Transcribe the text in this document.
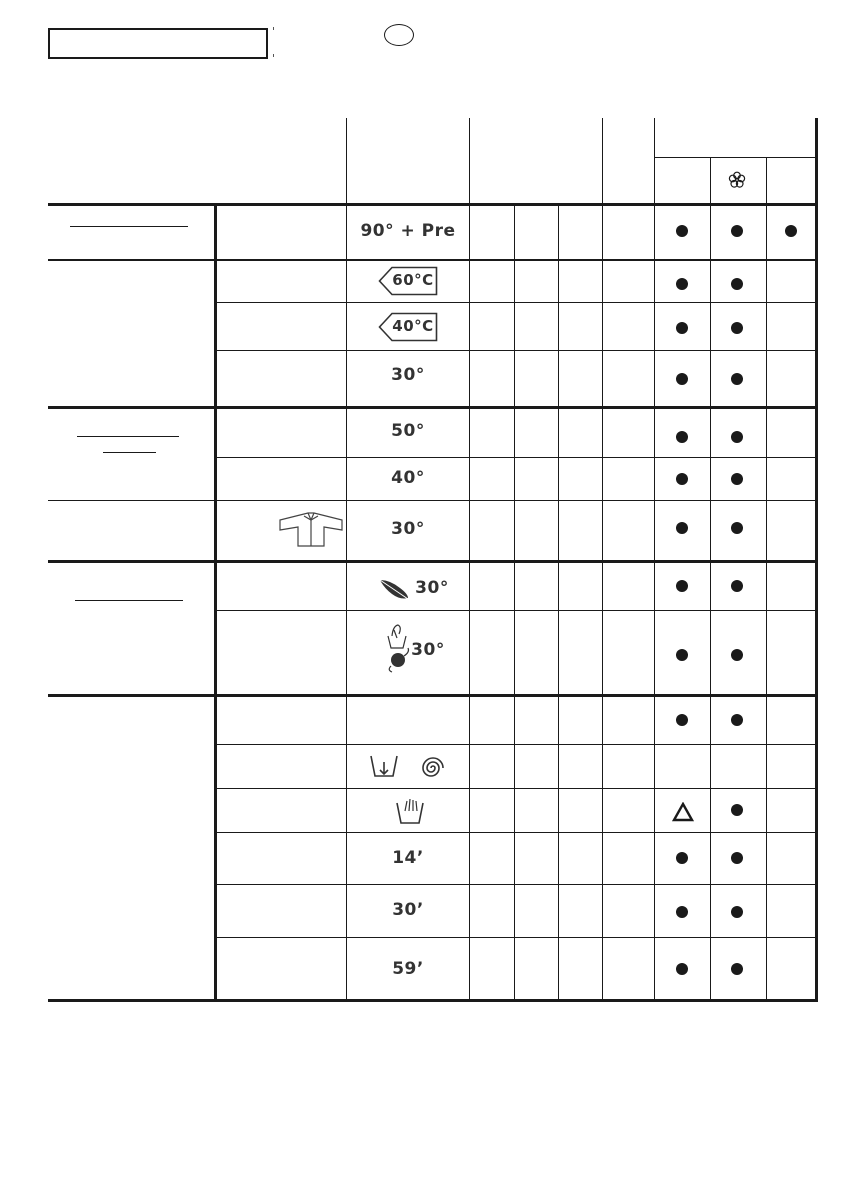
90° + Pre
60°C
40°C
30°
50°
40°
30°
30°
30°
14’
30’
59’
